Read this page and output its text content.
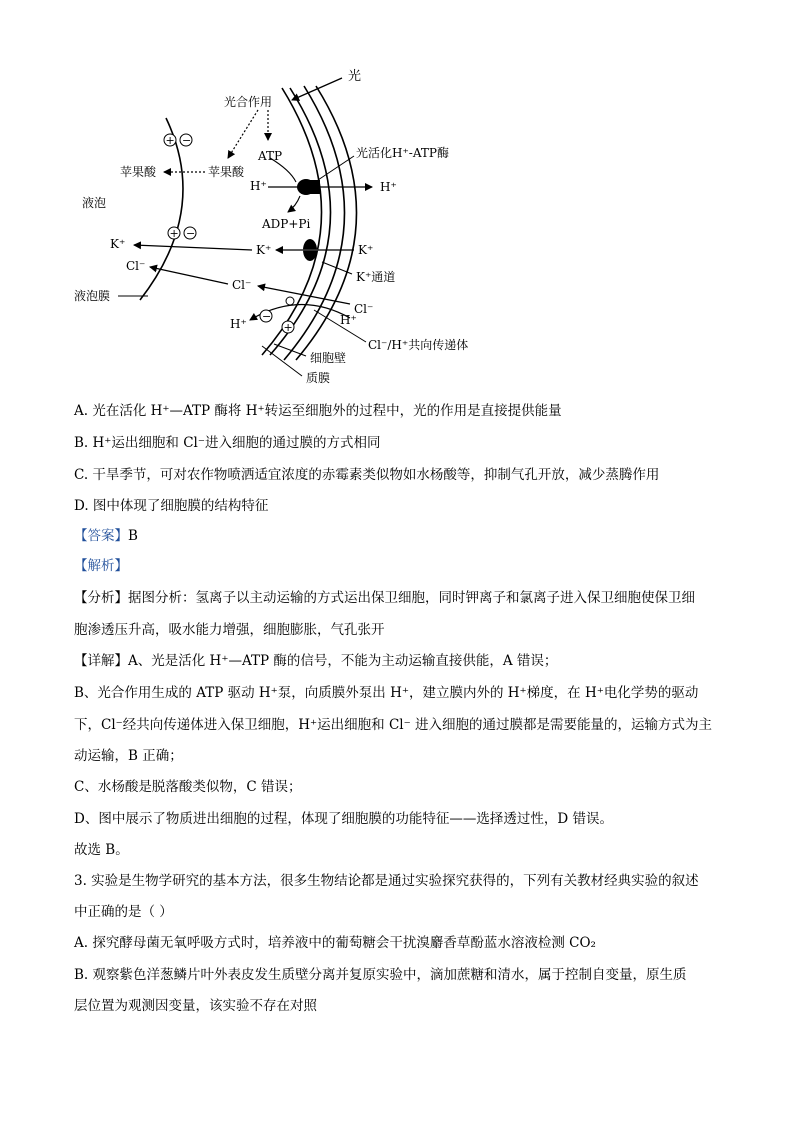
光
光合作用
ATP
苹果酸	苹果酸
+ −
+ −
液泡
光活化H⁺-ATP酶
H⁺	H⁺
ADP+Pi
K⁺
K⁺
K⁺
K⁺通道
Cl⁻
Cl⁻
Cl⁻
H⁺
H⁺
−
+
Cl⁻/H⁺共向传递体
液泡膜
细胞壁
质膜
A. 光在活化 H⁺—ATP 酶将 H⁺转运至细胞外的过程中，光的作用是直接提供能量
B. H⁺运出细胞和 Cl⁻进入细胞的通过膜的方式相同
C. 干旱季节，可对农作物喷洒适宜浓度的赤霉素类似物如水杨酸等，抑制气孔开放，减少蒸腾作用
D. 图中体现了细胞膜的结构特征
【答案】B
【解析】
【分析】据图分析：氢离子以主动运输的方式运出保卫细胞，同时钾离子和氯离子进入保卫细胞使保卫细
胞渗透压升高，吸水能力增强，细胞膨胀，气孔张开
【详解】A、光是活化 H⁺—ATP 酶的信号，不能为主动运输直接供能，A 错误；
B、光合作用生成的 ATP 驱动 H⁺泵，向质膜外泵出 H⁺，建立膜内外的 H⁺梯度，在 H⁺电化学势的驱动
下，Cl⁻经共向传递体进入保卫细胞，H⁺运出细胞和 Cl⁻ 进入细胞的通过膜都是需要能量的，运输方式为主
动运输，B 正确；
C、水杨酸是脱落酸类似物，C 错误；
D、图中展示了物质进出细胞的过程，体现了细胞膜的功能特征——选择透过性，D 错误。
故选 B。
3. 实验是生物学研究的基本方法，很多生物结论都是通过实验探究获得的，下列有关教材经典实验的叙述
中正确的是（ ）
A. 探究酵母菌无氧呼吸方式时，培养液中的葡萄糖会干扰溴麝香草酚蓝水溶液检测 CO₂
B. 观察紫色洋葱鳞片叶外表皮发生质壁分离并复原实验中，滴加蔗糖和清水，属于控制自变量，原生质
层位置为观测因变量，该实验不存在对照
